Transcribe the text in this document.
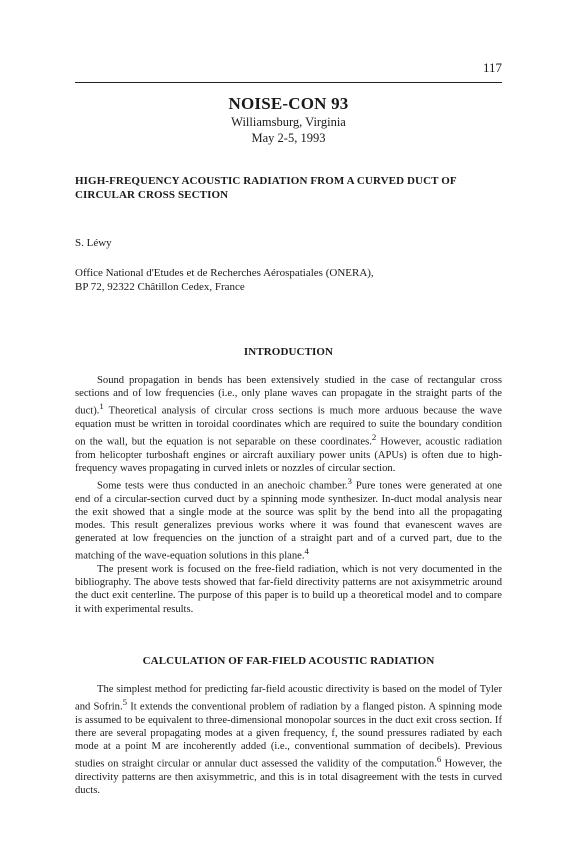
117
NOISE-CON 93
Williamsburg, Virginia
May 2-5, 1993
HIGH-FREQUENCY ACOUSTIC RADIATION FROM A CURVED DUCT OF
CIRCULAR CROSS SECTION
S. Léwy
Office National d'Etudes et de Recherches Aérospatiales (ONERA),
BP 72, 92322 Châtillon Cedex, France
INTRODUCTION

Sound propagation in bends has been extensively studied in the case of rectangular cross sections and of low frequencies (i.e., only plane waves can propagate in the straight parts of the duct).$^1$ Theoretical analysis of circular cross sections is much more arduous because the wave equation must be written in toroidal coordinates which are required to suite the boundary condition on the wall, but the equation is not separable on these coordinates.$^2$ However, acoustic radiation from helicopter turboshaft engines or aircraft auxiliary power units (APUs) is often due to high-frequency waves propagating in curved inlets or nozzles of circular section.

Some tests were thus conducted in an anechoic chamber.$^3$ Pure tones were generated at one end of a circular-section curved duct by a spinning mode synthesizer. In-duct modal analysis near the exit showed that a single mode at the source was split by the bend into all the propagating modes. This result generalizes previous works where it was found that evanescent waves are generated at low frequencies on the junction of a straight part and of a curved part, due to the matching of the wave-equation solutions in this plane.$^4$

The present work is focused on the free-field radiation, which is not very documented in the bibliography. The above tests showed that far-field directivity patterns are not axisymmetric around the duct exit centerline. The purpose of this paper is to build up a theoretical model and to compare it with experimental results.

CALCULATION OF FAR-FIELD ACOUSTIC RADIATION

The simplest method for predicting far-field acoustic directivity is based on the model of Tyler and Sofrin.$^5$ It extends the conventional problem of radiation by a flanged piston. A spinning mode is assumed to be equivalent to three-dimensional monopolar sources in the duct exit cross section. If there are several propagating modes at a given frequency, f, the sound pressures radiated by each mode at a point M are incoherently added (i.e., conventional summation of decibels). Previous studies on straight circular or annular duct assessed the validity of the computation.$^6$ However, the directivity patterns are then axisymmetric, and this is in total disagreement with the tests in curved ducts.
